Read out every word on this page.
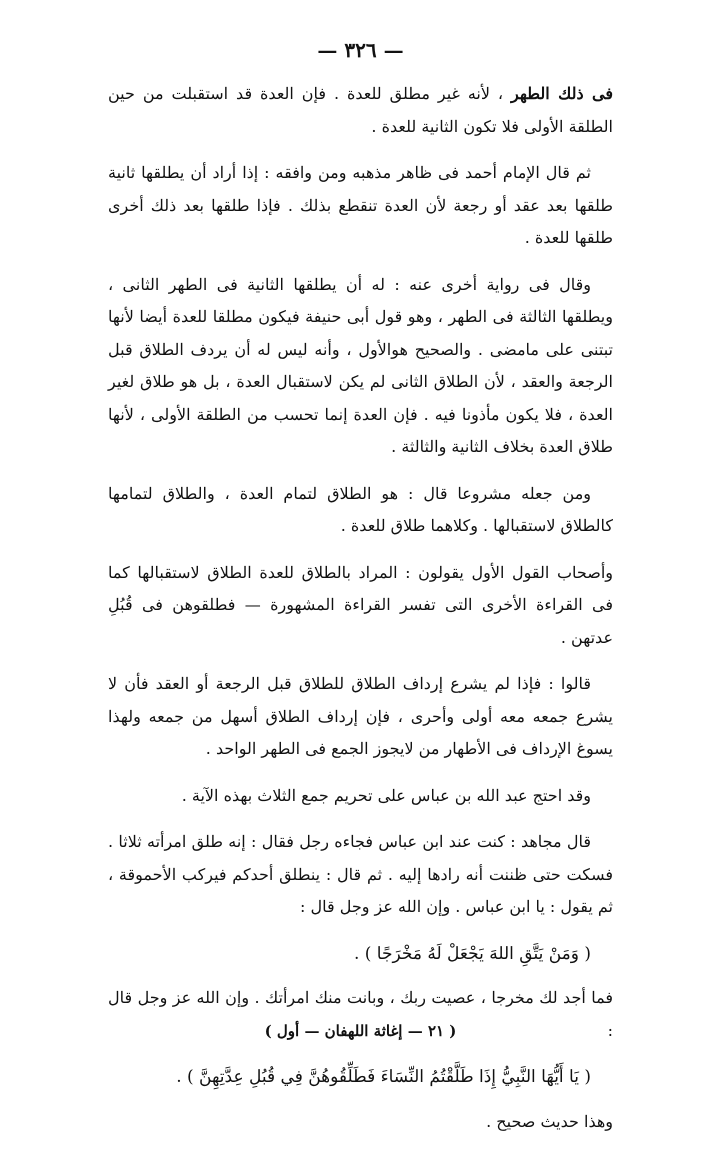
— ٣٢٦ —

فى ذلك الطهر ، لأنه غير مطلق للعدة . فإن العدة قد استقبلت من حين الطلقة الأولى فلا تكون الثانية للعدة .

ثم قال الإمام أحمد فى ظاهر مذهبه ومن وافقه : إذا أراد أن يطلقها ثانية طلقها بعد عقد أو رجعة لأن العدة تنقطع بذلك . فإذا طلقها بعد ذلك أخرى طلقها للعدة .

وقال فى رواية أخرى عنه : له أن يطلقها الثانية فى الطهر الثانى ، ويطلقها الثالثة فى الطهر ، وهو قول أبى حنيفة فيكون مطلقا للعدة أيضا لأنها تبتنى على مامضى . والصحيح هوالأول ، وأنه ليس له أن يردف الطلاق قبل الرجعة والعقد ، لأن الطلاق الثانى لم يكن لاستقبال العدة ، بل هو طلاق لغير العدة ، فلا يكون مأذونا فيه . فإن العدة إنما تحسب من الطلقة الأولى ، لأنها طلاق العدة بخلاف الثانية والثالثة .

ومن جعله مشروعا قال : هو الطلاق لتمام العدة ، والطلاق لتمامها كالطلاق لاستقبالها . وكلاهما طلاق للعدة .

وأصحاب القول الأول يقولون : المراد بالطلاق للعدة الطلاق لاستقبالها كما فى القراءة الأخرى التى تفسر القراءة المشهورة — فطلقوهن فى قُبُلِ عدتهن .

قالوا : فإذا لم يشرع إرداف الطلاق للطلاق قبل الرجعة أو العقد فأن لا يشرع جمعه معه أولى وأحرى ، فإن إرداف الطلاق أسهل من جمعه ولهذا يسوغ الإرداف فى الأطهار من لايجوز الجمع فى الطهر الواحد .

وقد احتج عبد الله بن عباس على تحريم جمع الثلاث بهذه الآية .

قال مجاهد : كنت عند ابن عباس فجاءه رجل فقال : إنه طلق امرأته ثلاثا . فسكت حتى ظننت أنه رادها إليه . ثم قال : ينطلق أحدكم فيركب الأحموقة ، ثم يقول : يا ابن عباس . وإن الله عز وجل قال :

( وَمَنْ يَتَّقِ اللهَ يَجْعَلْ لَهُ مَخْرَجًا ) .

فما أجد لك مخرجا ، عصيت ربك ، وبانت منك امرأتك . وإن الله عز وجل قال :

( يَا أَيُّهَا النَّبِيُّ إِذَا طَلَّقْتُمُ النِّسَاءَ فَطَلِّقُوهُنَّ فِي قُبُلِ عِدَّتِهِنَّ ) .

وهذا حديث صحيح .

( ٢١ — إغاثة اللهفان — أول )
